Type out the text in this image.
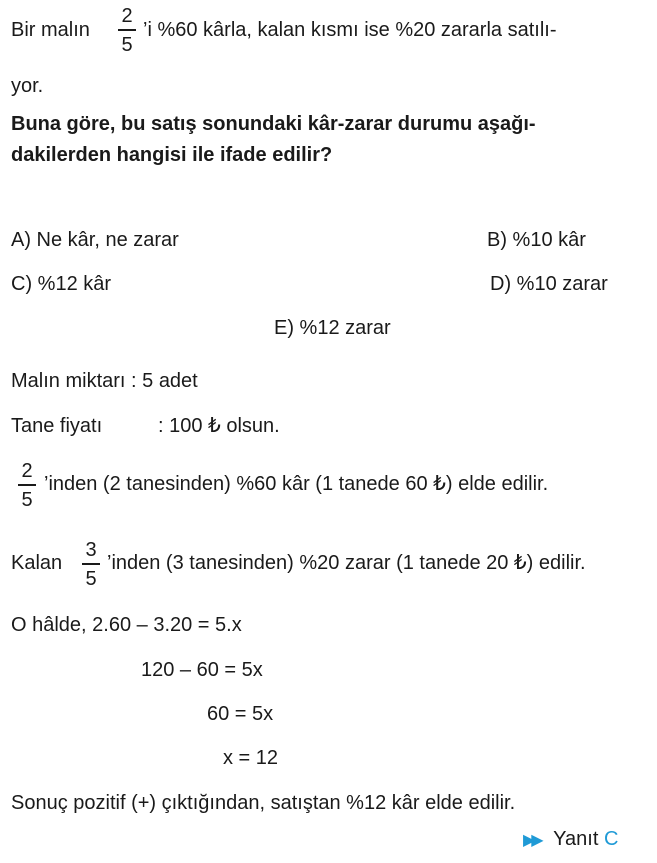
Bir malın
2
5
’i %60 kârla, kalan kısmı ise %20 zararla satılı-
yor.
Buna göre, bu satış sonundaki kâr-zarar durumu aşağı-
dakilerden hangisi ile ifade edilir?
A) Ne kâr, ne zarar	B) %10 kâr
C) %12 kâr	D) %10 zarar
E) %12 zarar
Malın miktarı : 5 adet
Tane fiyatı	: 100 ₺ olsun.
2
5
’inden (2 tanesinden) %60 kâr (1 tanede 60 ₺) elde edilir.
Kalan
3
5
’inden (3 tanesinden) %20 zarar (1 tanede 20 ₺) edilir.
O hâlde, 2.60 – 3.20 = 5.x
120 – 60 = 5x
60 = 5x
x = 12
Sonuç pozitif (+) çıktığından, satıştan %12 kâr elde edilir.
▶▶ Yanıt C
